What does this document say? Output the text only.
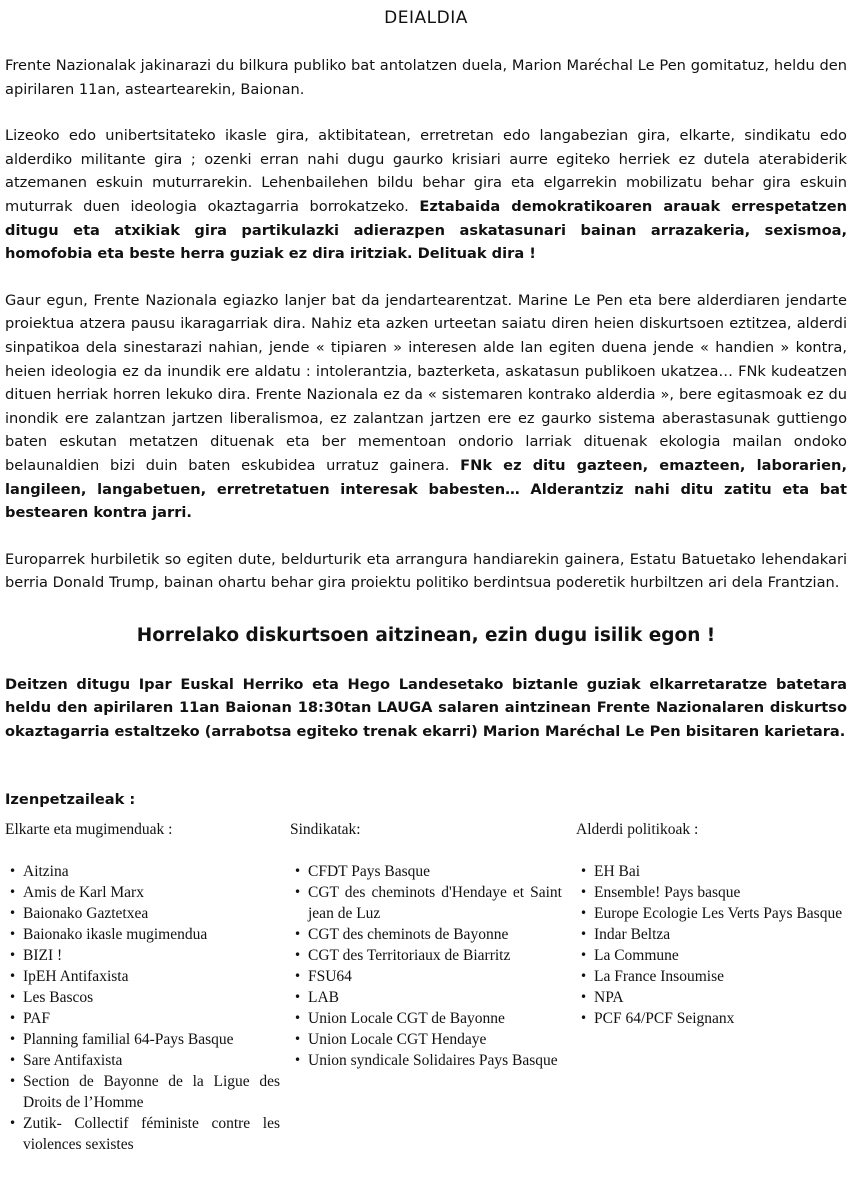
DEIALDIA

Frente Nazionalak jakinarazi du bilkura publiko bat antolatzen duela, Marion Maréchal Le Pen gomitatuz, heldu den apirilaren 11an, asteartearekin, Baionan.

Lizeoko edo unibertsitateko ikasle gira, aktibitatean, erretretan edo langabezian gira, elkarte, sindikatu edo alderdiko militante gira ; ozenki erran nahi dugu gaurko krisiari aurre egiteko herriek ez dutela aterabiderik atzemanen eskuin muturrarekin. Lehenbailehen bildu behar gira eta elgarrekin mobilizatu behar gira eskuin muturrak duen ideologia okaztagarria borrokatzeko. Eztabaida demokratikoaren arauak errespetatzen ditugu eta atxikiak gira partikulazki adierazpen askatasunari bainan arrazakeria, sexismoa, homofobia eta beste herra guziak ez dira iritziak. Delituak dira !

Gaur egun, Frente Nazionala egiazko lanjer bat da jendartearentzat. Marine Le Pen eta bere alderdiaren jendarte proiektua atzera pausu ikaragarriak dira. Nahiz eta azken urteetan saiatu diren heien diskurtsoen eztitzea, alderdi sinpatikoa dela sinestarazi nahian, jende « tipiaren » interesen alde lan egiten duena jende « handien » kontra, heien ideologia ez da inundik ere aldatu : intolerantzia, bazterketa, askatasun publikoen ukatzea… FNk kudeatzen dituen herriak horren lekuko dira. Frente Nazionala ez da « sistemaren kontrako alderdia », bere egitasmoak ez du inondik ere zalantzan jartzen liberalismoa, ez zalantzan jartzen ere ez gaurko sistema aberastasunak guttiengo baten eskutan metatzen dituenak eta ber mementoan ondorio larriak dituenak ekologia mailan ondoko belaunaldien bizi duin baten eskubidea urratuz gainera. FNk ez ditu gazteen, emazteen, laborarien, langileen, langabetuen, erretretatuen interesak babesten… Alderantziz nahi ditu zatitu eta bat bestearen kontra jarri.

Europarrek hurbiletik so egiten dute, beldurturik eta arrangura handiarekin gainera, Estatu Batuetako lehendakari berria Donald Trump, bainan ohartu behar gira proiektu politiko berdintsua poderetik hurbiltzen ari dela Frantzian.

Horrelako diskurtsoen aitzinean, ezin dugu isilik egon !

Deitzen ditugu Ipar Euskal Herriko eta Hego Landesetako biztanle guziak elkarretaratze batetara heldu den apirilaren 11an Baionan 18:30tan LAUGA salaren aintzinean Frente Nazionalaren diskurtso okaztagarria estaltzeko (arrabotsa egiteko trenak ekarri) Marion Maréchal Le Pen bisitaren karietara.

Izenpetzaileak :
Elkarte eta mugimenduak :
• Aitzina
• Amis de Karl Marx
• Baionako Gaztetxea
• Baionako ikasle mugimendua
• BIZI !
• IpEH Antifaxista
• Les Bascos
• PAF
• Planning familial 64-Pays Basque
• Sare Antifaxista
• Section de Bayonne de la Ligue des Droits de l’Homme
• Zutik- Collectif féministe contre les violences sexistes
Sindikatak:
• CFDT Pays Basque
• CGT des cheminots d'Hendaye et Saint jean de Luz
• CGT des cheminots de Bayonne
• CGT des Territoriaux de Biarritz
• FSU64
• LAB
• Union Locale CGT de Bayonne
• Union Locale CGT Hendaye
• Union syndicale Solidaires Pays Basque
Alderdi politikoak :
• EH Bai
• Ensemble! Pays basque
• Europe Ecologie Les Verts Pays Basque
• Indar Beltza
• La Commune
• La France Insoumise
• NPA
• PCF 64/PCF Seignanx
